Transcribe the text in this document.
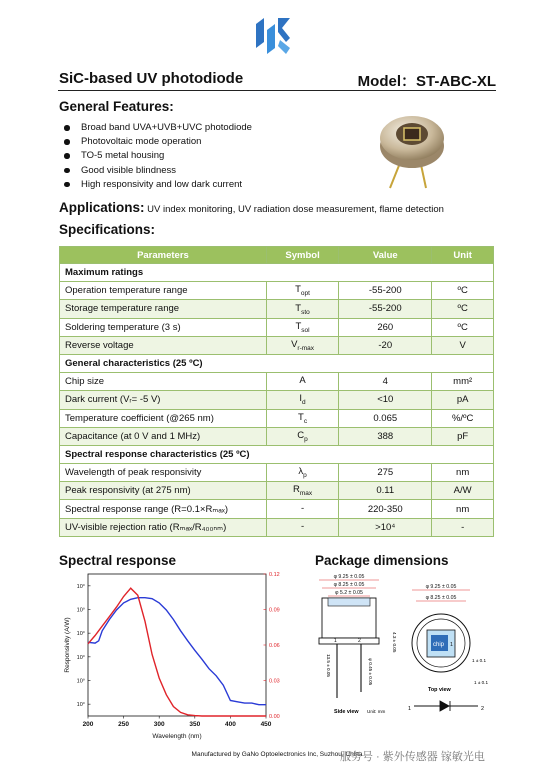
SiC-based UV photodiode	Model：ST-ABC-XL
General Features:
Broad band UVA+UVB+UVC photodiode
Photovoltaic mode operation
TO-5 metal housing
Good visible blindness
High responsivity and low dark current
Applications: UV index monitoring, UV radiation dose measurement, flame detection
Specifications:
Parameters	Symbol	Value	Unit
Maximum ratings			
Operation temperature range	$T_{opt}$	-55-200	ºC
Storage temperature range	$T_{sto}$	-55-200	ºC
Soldering temperature (3 s)	$T_{sol}$	260	ºC
Reverse voltage	$V_{r-max}$	-20	V
General characteristics (25 ºC)			
Chip size	A	4	mm²
Dark current (Vᵣ= -5 V)	$I_d$	<10	pA
Temperature coefficient (@265 nm)	$T_c$	0.065	%/ºC
Capacitance (at 0 V and 1 MHz)	$C_p$	388	pF
Spectral response characteristics (25 ºC)			
Wavelength of peak responsivity	$\lambda_p$	275	nm
Peak responsivity (at 275 nm)	$R_{max}$	0.11	A/W
Spectral response range (R=0.1×Rₘₐₓ)	-	220-350	nm
UV-visible rejection ratio (Rₘₐₓ/R₄₀₀ₙₘ)	-	>10⁴	-
Spectral response	Package dimensions
200	250	300	350	400	450
10°
10°
10°
10°
10°
10°
0.12
0.09
0.06
0.03
0.00
Wavelength (nm)
Responsivity (A/W)
φ 9.25 ± 0.05
φ 8.25 ± 0.05
φ 5.2 ± 0.05
φ 9.25 ± 0.05
φ 8.25 ± 0.05
1	2	4.3 ± 0.05
13.5 ± 0.05	φ 0.45 ± 0.05
Side view Unit: mm
chip 1
1 ± 0.1
1 ± 0.1
Top view
1	2
Manufactured by GaNo Optoelectronics Inc, Suzhou, China
服务号 · 紫外传感器 镓敏光电
